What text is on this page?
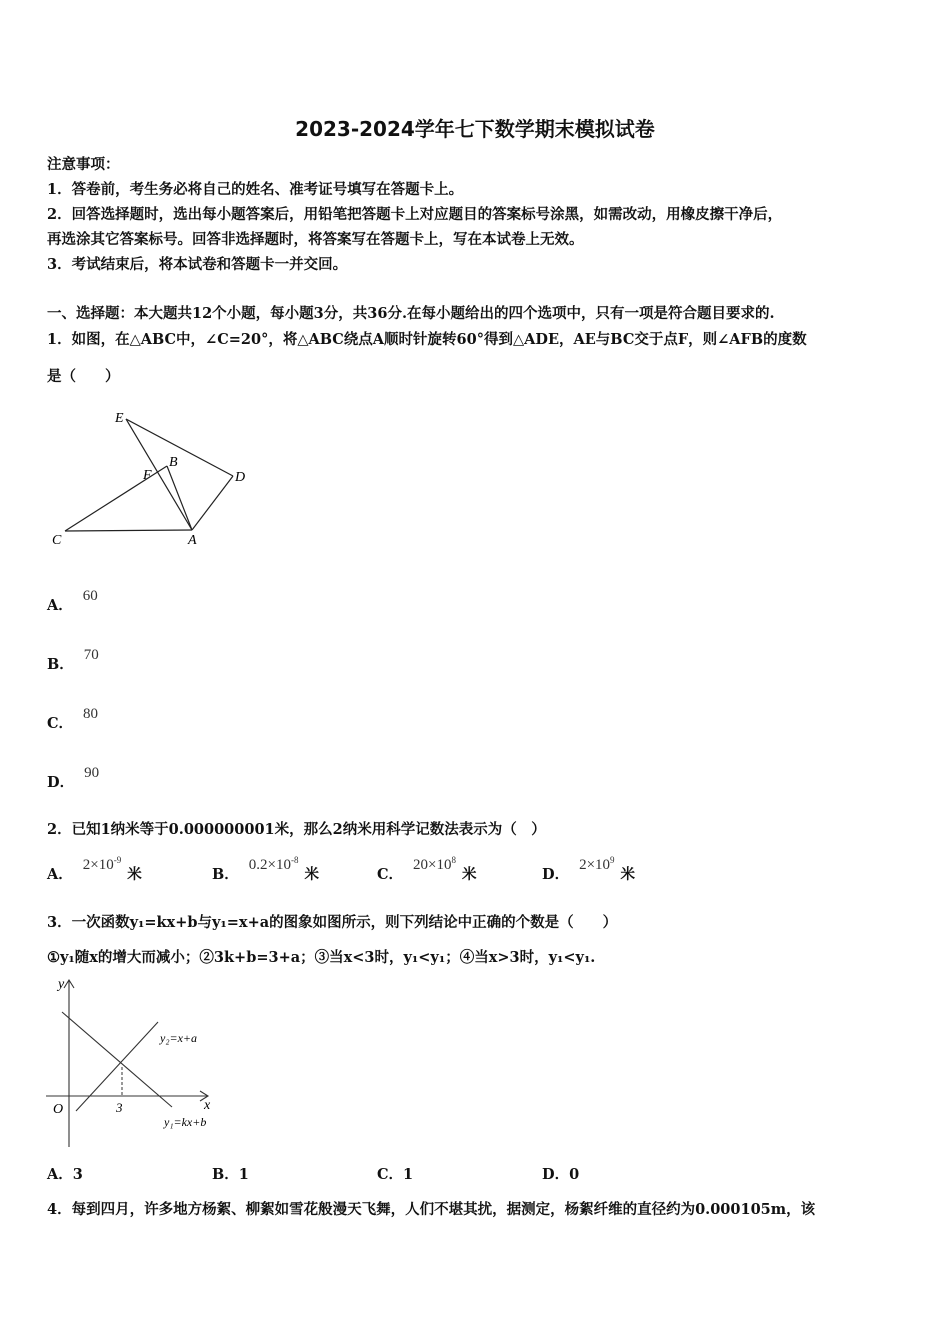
2023-2024学年七下数学期末模拟试卷
注意事项：
1．答卷前，考生务必将自己的姓名、准考证号填写在答题卡上。
2．回答选择题时，选出每小题答案后，用铅笔把答题卡上对应题目的答案标号涂黑，如需改动，用橡皮擦干净后，
再选涂其它答案标号。回答非选择题时，将答案写在答题卡上，写在本试卷上无效。
3．考试结束后，将本试卷和答题卡一并交回。
一、选择题：本大题共12个小题，每小题3分，共36分.在每小题给出的四个选项中，只有一项是符合题目要求的.
1．如图，在△ABC中，∠C=20°，将△ABC绕点A顺时针旋转60°得到△ADE，AE与BC交于点F，则∠AFB的度数
是（　　）
E
F
B
D
C	A
A．60
B．70
C．80
D．90
2．已知1纳米等于0.000000001米，那么2纳米用科学记数法表示为（　）
A．$2\times 10^{-9}$米	B．$0.2\times 10^{-8}$米	C．$20\times 10^8$米	D．$2\times 10^9$米
3．一次函数y₁=kx+b与y₁=x+a的图象如图所示，则下列结论中正确的个数是（　　）
①y₁随x的增大而减小；②3k+b=3+a；③当x<3时，y₁<y₁；④当x>3时，y₁<y₁.
y
x
O	3
y₂=x+a
y₁=kx+b
A．3	B．1	C．1	D．0
4．每到四月，许多地方杨絮、柳絮如雪花般漫天飞舞，人们不堪其扰，据测定，杨絮纤维的直径约为0.000105m，该
